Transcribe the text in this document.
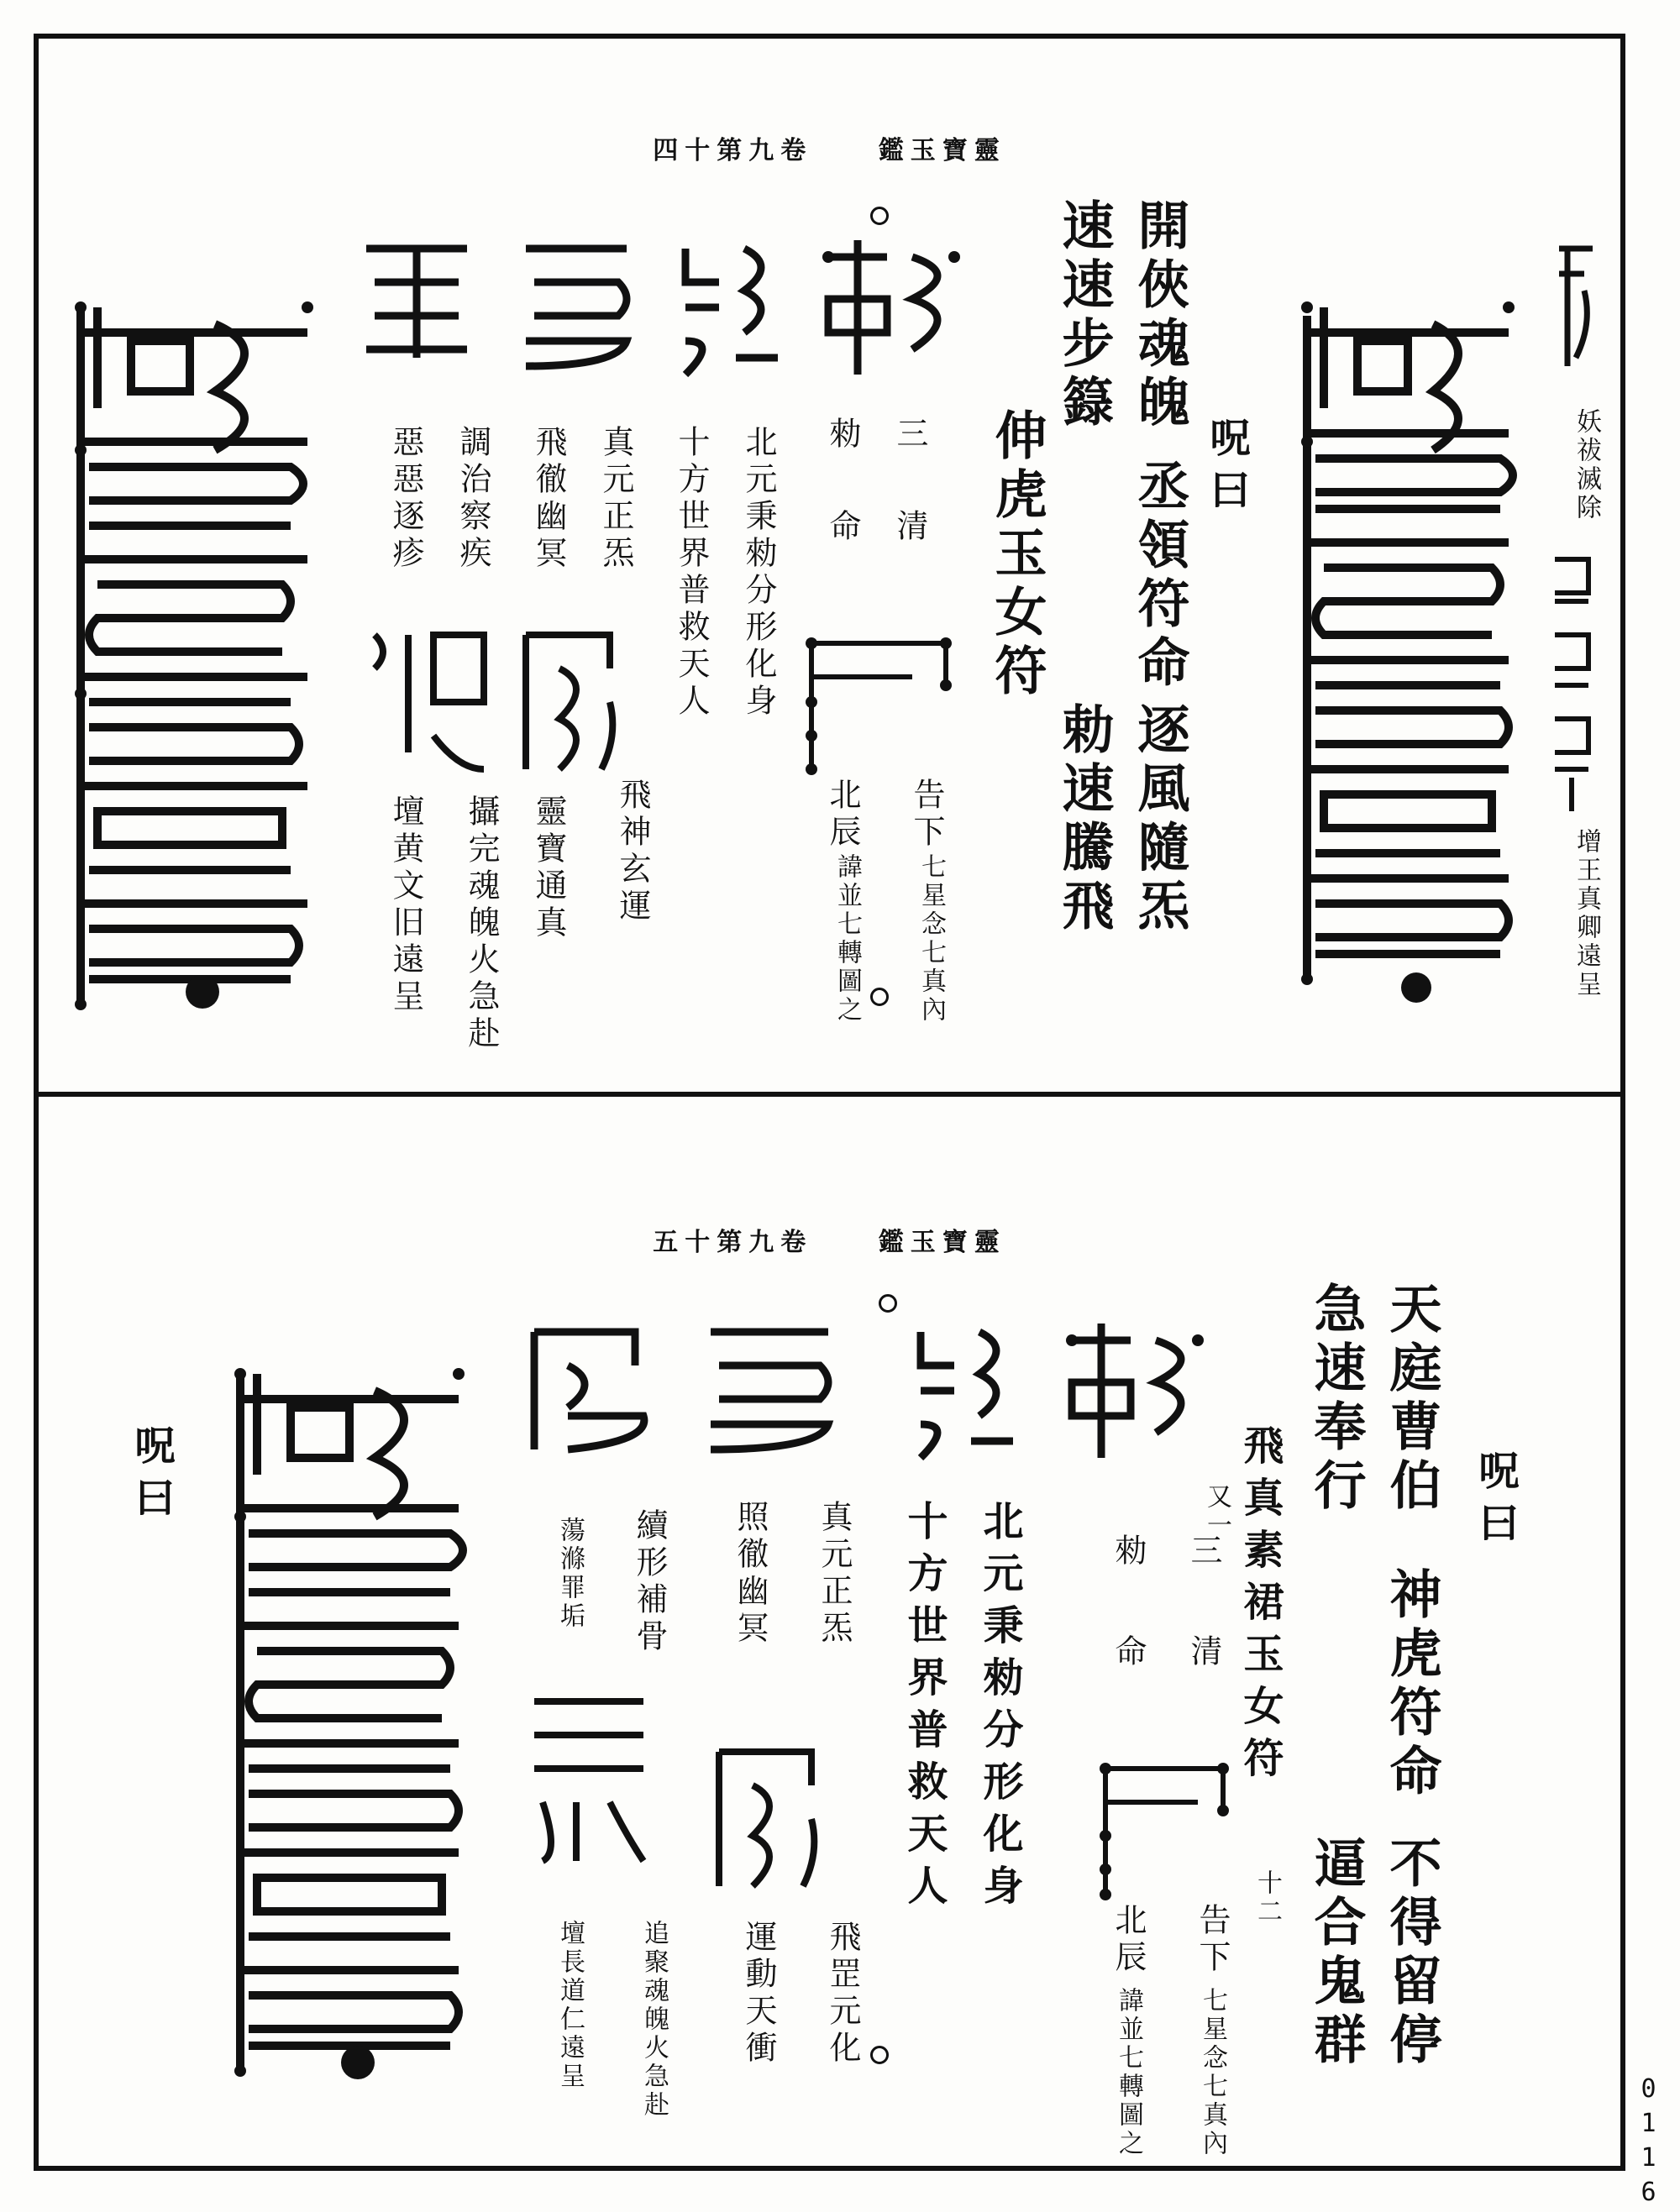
靈寶玉鑑 卷九第十四
妖祓滅除
增王真卿遠呈
呪曰
開俠魂魄
丞領符命
逐風隨炁
勅速騰飛
速速步籙
伸虎玉女符
三
清
勑
命
告下
七星念七真內
北辰
諱並七轉圖之
北元秉勑分形化身
十方世界普救天人
真元正炁
飛徹幽冥
飛神玄運
靈寶通真
調治察疾
惡惡逐疹
攝完魂魄火急赴
壇黄文旧遠呈
靈寶玉鑑 卷九第十五
呪曰
天庭曹伯
神虎符命
不得留停
逼合鬼群
急速奉行
飛真素裙玉女符
又一
三
清
勑
命
告下
七星念七真內
十二
北辰
諱並七轉圖之
北元秉勑分形化身
十方世界普救天人
真元正炁
照徹幽冥
飛罡元化
運動天衝
續形補骨
蕩滌罪垢
追聚魂魄火急赴
壇長道仁遠呈
呪曰
0116
